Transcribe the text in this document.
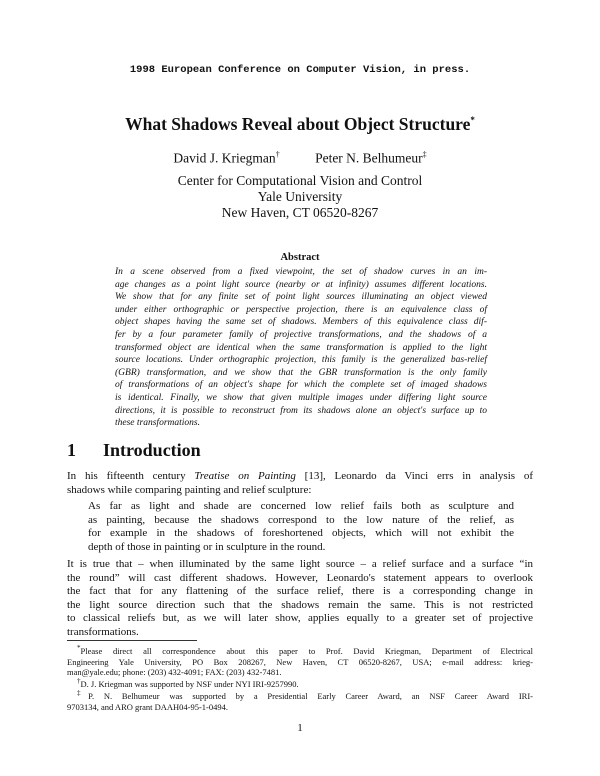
1998 European Conference on Computer Vision, in press.
What Shadows Reveal about Object Structure*
David J. Kriegman†	Peter N. Belhumeur‡
Center for Computational Vision and Control
Yale University
New Haven, CT 06520-8267
Abstract
In a scene observed from a fixed viewpoint, the set of shadow curves in an im-
age changes as a point light source (nearby or at infinity) assumes different locations.
We show that for any finite set of point light sources illuminating an object viewed
under either orthographic or perspective projection, there is an equivalence class of
object shapes having the same set of shadows. Members of this equivalence class dif-
fer by a four parameter family of projective transformations, and the shadows of a
transformed object are identical when the same transformation is applied to the light
source locations. Under orthographic projection, this family is the generalized bas-relief
(GBR) transformation, and we show that the GBR transformation is the only family
of transformations of an object's shape for which the complete set of imaged shadows
is identical. Finally, we show that given multiple images under differing light source
directions, it is possible to reconstruct from its shadows alone an object's surface up to
these transformations.
1 Introduction
In his fifteenth century Treatise on Painting [13], Leonardo da Vinci errs in analysis of
shadows while comparing painting and relief sculpture:
As far as light and shade are concerned low relief fails both as sculpture and
as painting, because the shadows correspond to the low nature of the relief, as
for example in the shadows of foreshortened objects, which will not exhibit the
depth of those in painting or in sculpture in the round.
It is true that – when illuminated by the same light source – a relief surface and a surface “in
the round” will cast different shadows. However, Leonardo's statement appears to overlook
the fact that for any flattening of the surface relief, there is a corresponding change in
the light source direction such that the shadows remain the same. This is not restricted
to classical reliefs but, as we will later show, applies equally to a greater set of projective
transformations.
*Please direct all correspondence about this paper to Prof. David Kriegman, Department of Electrical
Engineering Yale University, PO Box 208267, New Haven, CT 06520-8267, USA; e-mail address: krieg-
man@yale.edu; phone: (203) 432-4091; FAX: (203) 432-7481.
†D. J. Kriegman was supported by NSF under NYI IRI-9257990.
‡P. N. Belhumeur was supported by a Presidential Early Career Award, an NSF Career Award IRI-
9703134, and ARO grant DAAH04-95-1-0494.
1
